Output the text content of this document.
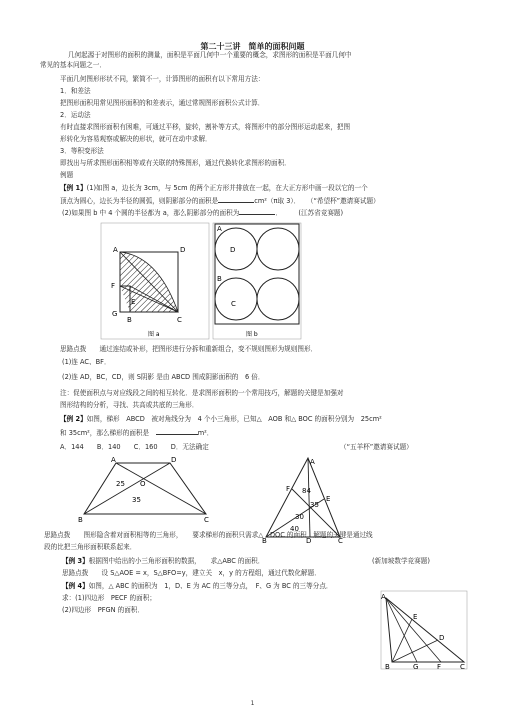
第二十三讲　简单的面积问题
几何起源于对图形的面积的测量，面积是平面几何中一个重要的概念，求图形的面积是平面几何中
常见的基本问题之一．
平面几何图形形状不同，繁简不一，计算图形的面积有以下常用方法：
1．和差法
把图形面积用常见图形面积的和差表示，通过常规图形面积公式计算．
2．运动法
有时直接求图形面积有困难，可通过平移，旋转，割补等方式，将图形中的部分图形运动起来，把图
形转化为容易观察或解决的形状，就可在动中求解．
3．等积变形法
即找出与所求图形面积相等或有关联的特殊图形，通过代换转化求图形的面积．
例题
【例 1】(1)如图 a，边长为 3cm，与 5cm 的两个正方形并排放在一起，在大正方形中画一段以它的一个
顶点为圆心，边长为半径的圆弧，则阴影部分的面积是	cm²（π取 3）．　　 （“希望杯”邀请赛试题）
(2)如果图 b 中 4 个圆的半径都为 a，那么阴影部分的面积为	．　　　	(江苏省竞赛题)
A	D
F
E
G
B	C
图 a
A
D
B
C
图 b
思路点拨　　通过连结或补形，把图形进行分拆和重新组合，变不规则图形为规则图形．
(1)连 AC、BF．
(2)连 AD，BC，CD，则 S阴影 是由 ABCD 围成阴影面积的　6 倍．
注：促使面积点与对应线段之间的相互转化．是求图形面积的一个常用技巧，解题的关键是加强对
图形结构的分析，寻找、共高或共底的三角形．
【例 2】如图，梯形　ABCD　被对角线分为　4 个小三角形，已知△　AOB 和△ BOC 的面积分别为　25cm²
和 35cm²，那么梯形的面积是　	m²．
A．144　　B．140　　C．160　　D．无法确定	（“五羊杯”邀请赛试题）
A	D
O
B	C
25
35
A
F
E
B	D	C
84
35
30
40
思路点拨　　图形隐含着对面积相等的三角形，　　要求梯形的面积只需求△　DOC 的面积，解题的关键是通过线
段的比把三角形面积联系起来．
【例 3】根据图中给出的小三角形面积的数据，　　求△ABC 的面积．	(新加坡数学竞赛题)
思路点拨　　设 S△AOE = x，S△BFO=y，建立关　x，y 的方程组，通过代数化解题．
【例 4】如图，△ ABC 的面积为　1，D、E 为 AC 的三等分点，　F、G 为 BC 的三等分点．
求：(1)四边形　PECF 的面积；
(2)四边形　PFGN 的面积．
A
E
D
B	G	F	C
1
